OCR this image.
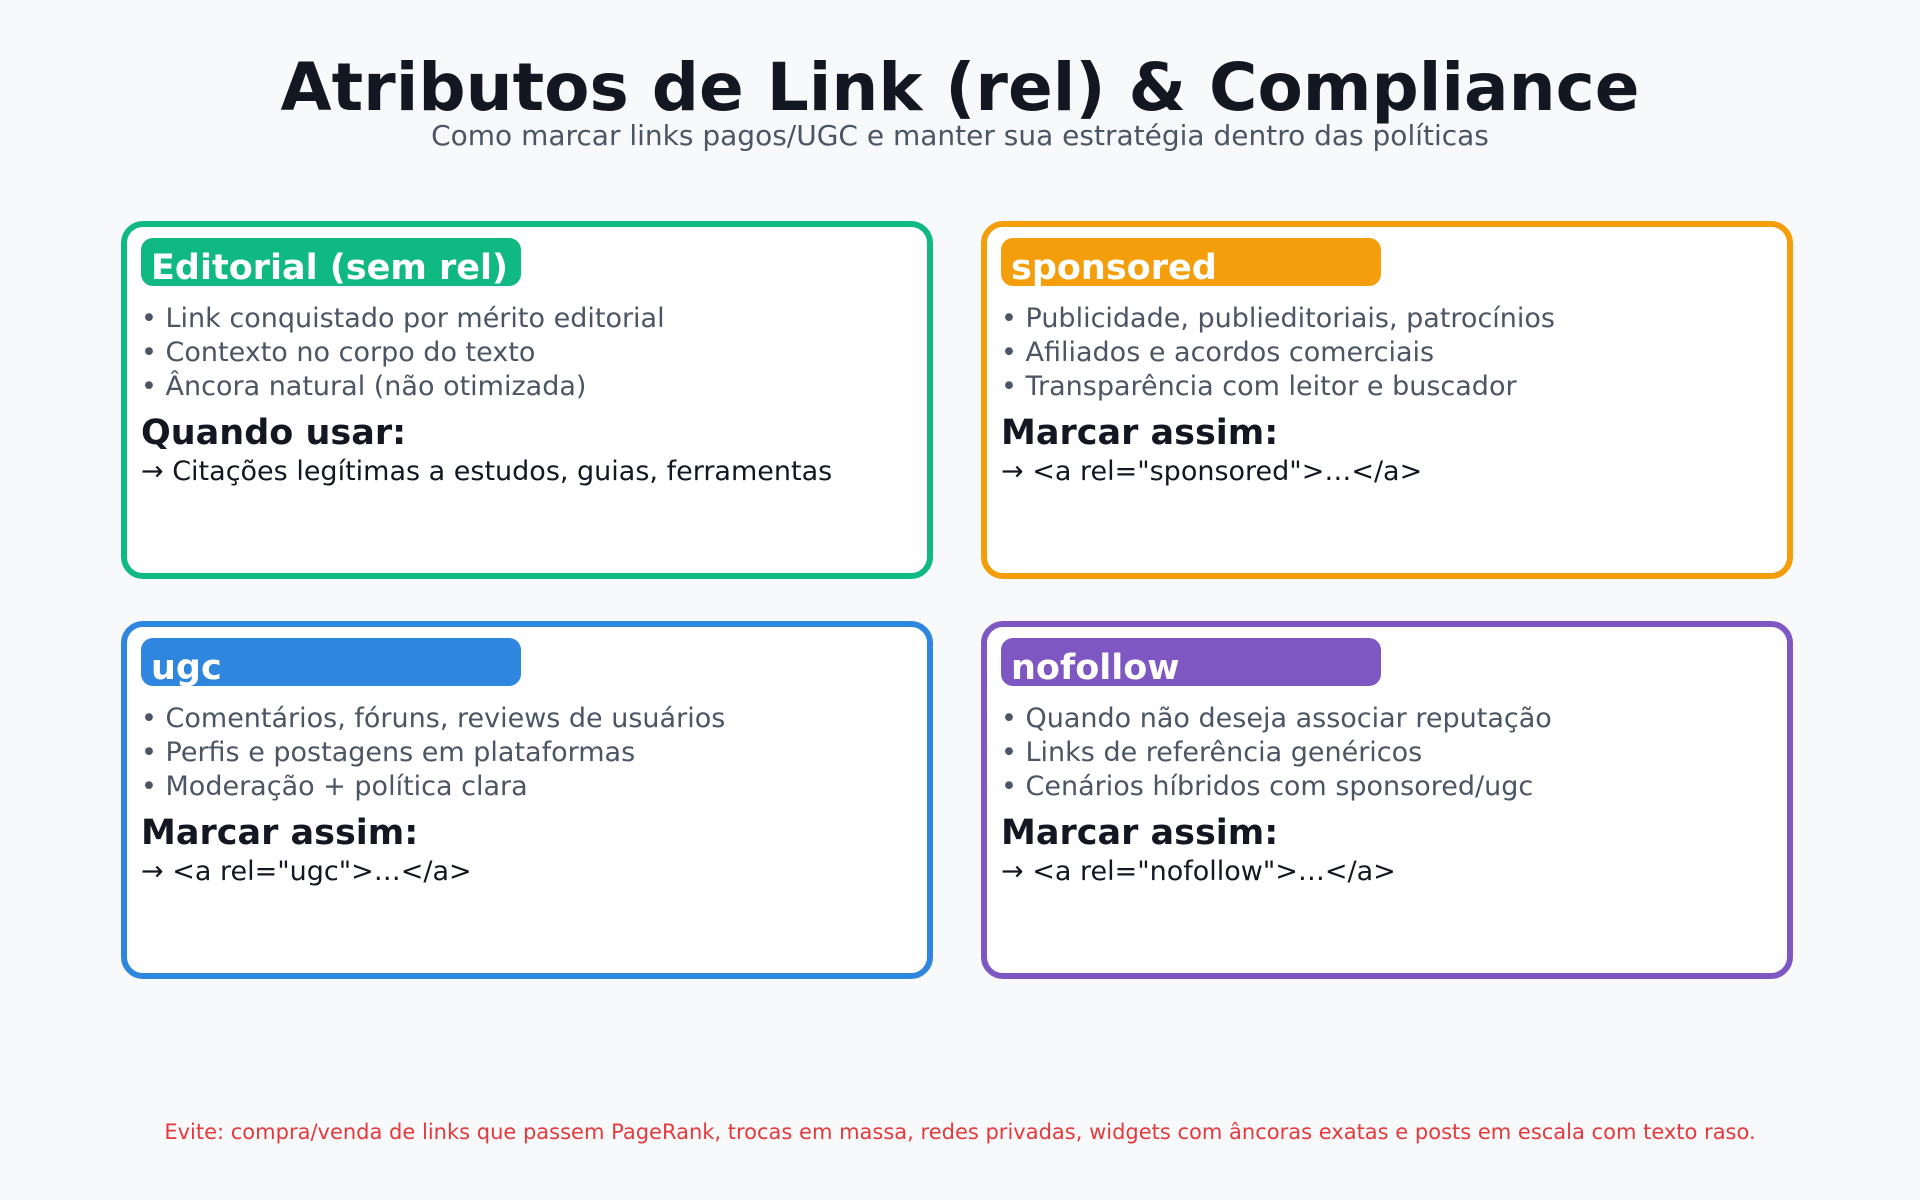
Atributos de Link (rel) & Compliance
Como marcar links pagos/UGC e manter sua estratégia dentro das políticas
Editorial (sem rel)
• Link conquistado por mérito editorial
• Contexto no corpo do texto
• Âncora natural (não otimizada)
Quando usar:
→ Citações legítimas a estudos, guias, ferramentas
sponsored
• Publicidade, publieditoriais, patrocínios
• Afiliados e acordos comerciais
• Transparência com leitor e buscador
Marcar assim:
→ <a rel="sponsored">…</a>
ugc
• Comentários, fóruns, reviews de usuários
• Perfis e postagens em plataformas
• Moderação + política clara
Marcar assim:
→ <a rel="ugc">…</a>
nofollow
• Quando não deseja associar reputação
• Links de referência genéricos
• Cenários híbridos com sponsored/ugc
Marcar assim:
→ <a rel="nofollow">…</a>
Evite: compra/venda de links que passem PageRank, trocas em massa, redes privadas, widgets com âncoras exatas e posts em escala com texto raso.
